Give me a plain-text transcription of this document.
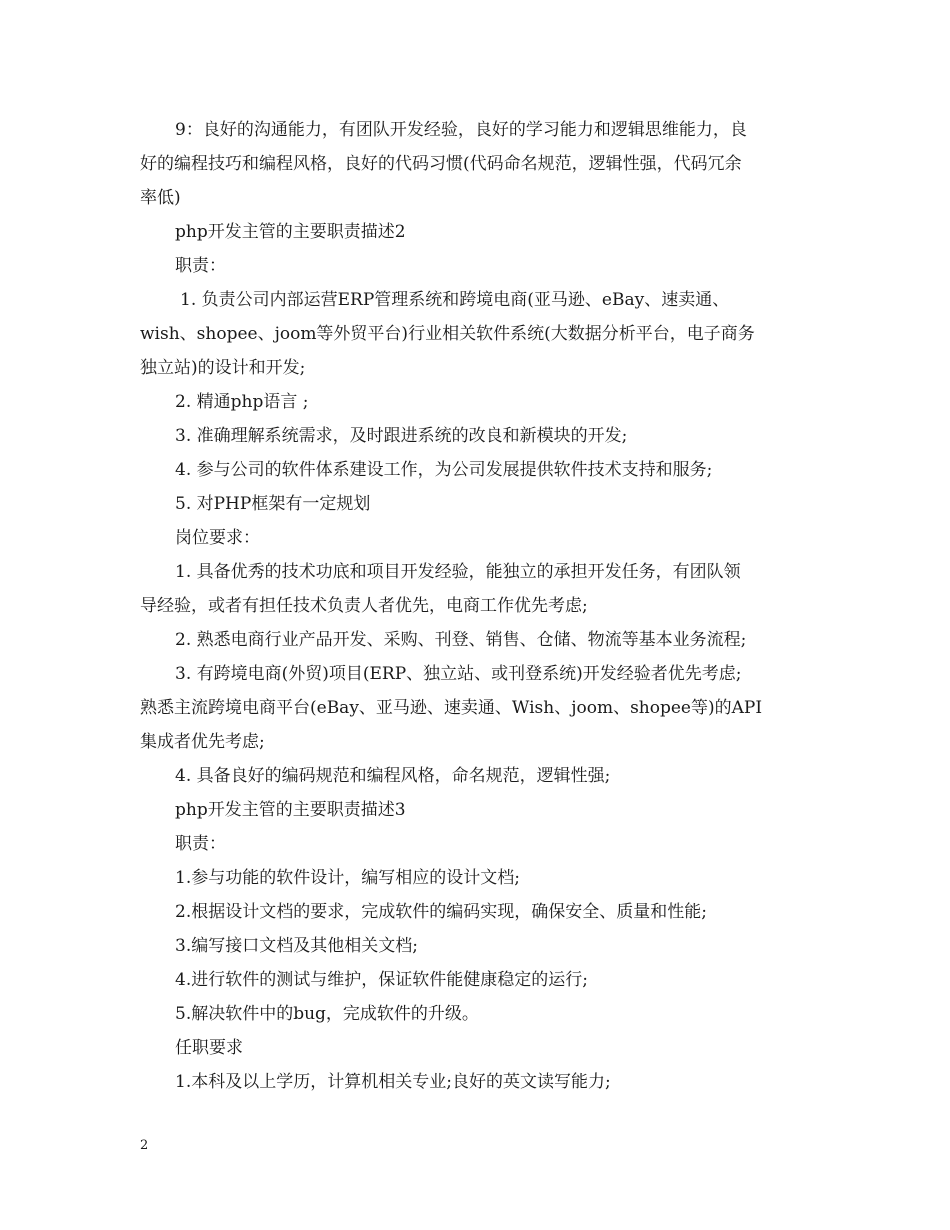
9：良好的沟通能力，有团队开发经验，良好的学习能力和逻辑思维能力，良
好的编程技巧和编程风格，良好的代码习惯(代码命名规范，逻辑性强，代码冗余
率低)
php开发主管的主要职责描述2
职责：
1. 负责公司内部运营ERP管理系统和跨境电商(亚马逊、eBay、速卖通、
wish、shopee、joom等外贸平台)行业相关软件系统(大数据分析平台，电子商务
独立站)的设计和开发;
2. 精通php语言 ;
3. 准确理解系统需求，及时跟进系统的改良和新模块的开发;
4. 参与公司的软件体系建设工作，为公司发展提供软件技术支持和服务;
5. 对PHP框架有一定规划
岗位要求：
1. 具备优秀的技术功底和项目开发经验，能独立的承担开发任务，有团队领
导经验，或者有担任技术负责人者优先，电商工作优先考虑;
2. 熟悉电商行业产品开发、采购、刊登、销售、仓储、物流等基本业务流程;
3. 有跨境电商(外贸)项目(ERP、独立站、或刊登系统)开发经验者优先考虑;
熟悉主流跨境电商平台(eBay、亚马逊、速卖通、Wish、joom、shopee等)的API
集成者优先考虑;
4. 具备良好的编码规范和编程风格，命名规范，逻辑性强;
php开发主管的主要职责描述3
职责：
1.参与功能的软件设计，编写相应的设计文档;
2.根据设计文档的要求，完成软件的编码实现，确保安全、质量和性能;
3.编写接口文档及其他相关文档;
4.进行软件的测试与维护，保证软件能健康稳定的运行;
5.解决软件中的bug，完成软件的升级。
任职要求
1.本科及以上学历，计算机相关专业;良好的英文读写能力;
2
